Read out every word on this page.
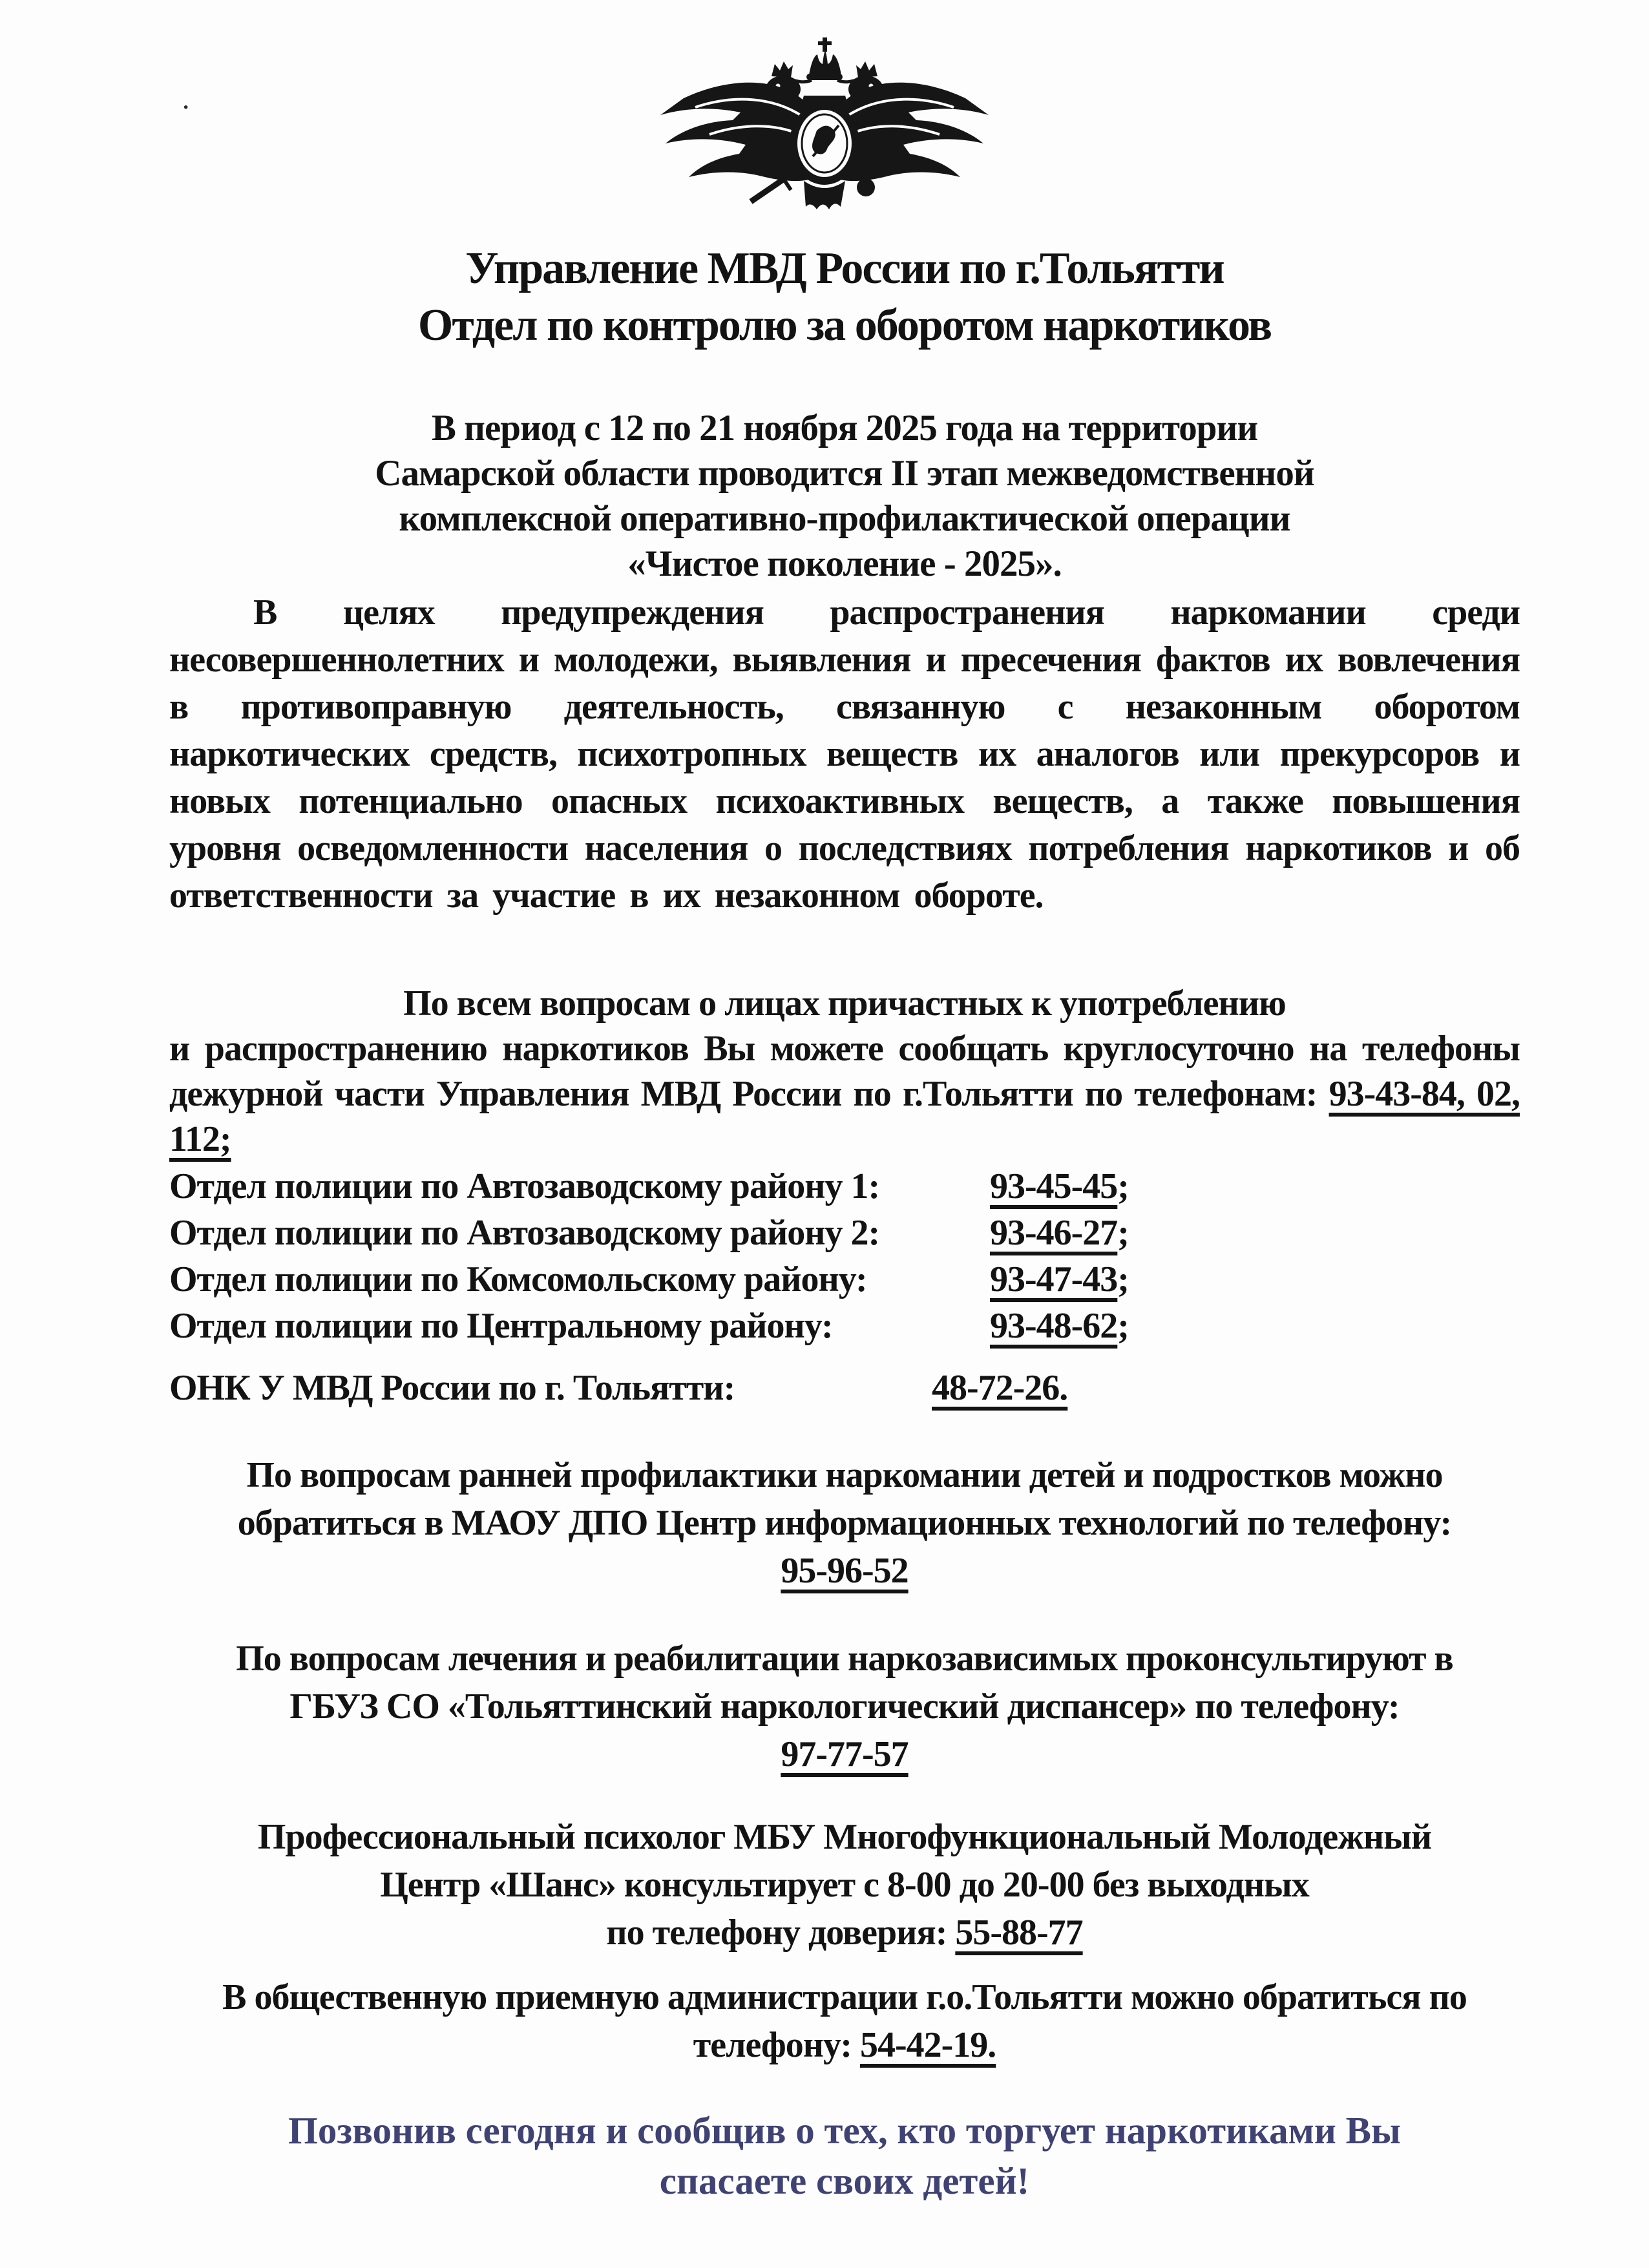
·
Управление МВД России по г.Тольятти
Отдел по контролю за оборотом наркотиков
В период с 12 по 21 ноября 2025 года на территории
Самарской области проводится II этап межведомственной
комплексной оперативно-профилактической операции
«Чистое поколение - 2025».
В целях предупреждения распространения наркомании среди несовершеннолетних и молодежи, выявления и пресечения фактов их вовлечения в противоправную деятельность, связанную с незаконным оборотом наркотических средств, психотропных веществ их аналогов или прекурсоров и новых потенциально опасных психоактивных веществ, а также повышения уровня осведомленности населения о последствиях потребления наркотиков и об ответственности за участие в их незаконном обороте.
По всем вопросам о лицах причастных к употреблению
и распространению наркотиков Вы можете сообщать круглосуточно на телефоны дежурной части Управления МВД России по г.Тольятти по телефонам: 93-43-84, 02, 112;
Отдел полиции по Автозаводскому району 1:	93-45-45;
Отдел полиции по Автозаводскому району 2:	93-46-27;
Отдел полиции по Комсомольскому району:	93-47-43;
Отдел полиции по Центральному району:	93-48-62;
ОНК У МВД России по г. Тольятти:	48-72-26.
По вопросам ранней профилактики наркомании детей и подростков можно
обратиться в МАОУ ДПО Центр информационных технологий по телефону:
95-96-52
По вопросам лечения и реабилитации наркозависимых проконсультируют в
ГБУЗ СО «Тольяттинский наркологический диспансер» по телефону:
97-77-57
Профессиональный психолог МБУ Многофункциональный Молодежный
Центр «Шанс» консультирует с 8-00 до 20-00 без выходных
по телефону доверия: 55-88-77
В общественную приемную администрации г.о.Тольятти можно обратиться по
телефону: 54-42-19.
Позвонив сегодня и сообщив о тех, кто торгует наркотиками Вы
спасаете своих детей!
